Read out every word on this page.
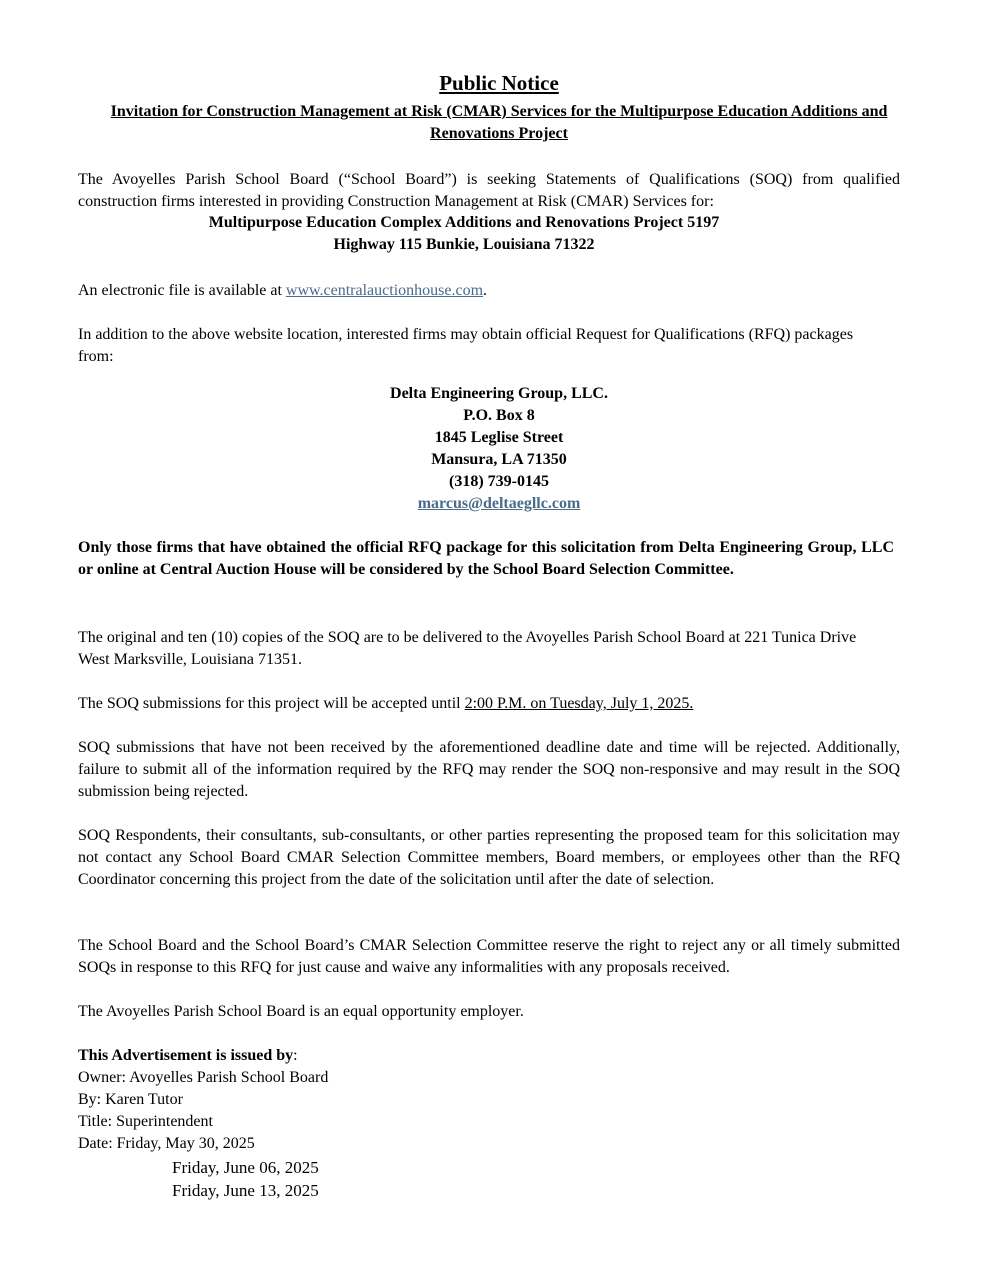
Public Notice
Invitation for Construction Management at Risk (CMAR) Services for the Multipurpose Education Additions and Renovations Project

The Avoyelles Parish School Board (“School Board”) is seeking Statements of Qualifications (SOQ) from qualified construction firms interested in providing Construction Management at Risk (CMAR) Services for:

Multipurpose Education Complex Additions and Renovations Project 5197
Highway 115 Bunkie, Louisiana 71322

An electronic file is available at www.centralauctionhouse.com.

In addition to the above website location, interested firms may obtain official Request for Qualifications (RFQ) packages from:

Delta Engineering Group, LLC.
P.O. Box 8
1845 Leglise Street
Mansura, LA 71350
(318) 739-0145
marcus@deltaegllc.com

Only those firms that have obtained the official RFQ package for this solicitation from Delta Engineering Group, LLC or online at Central Auction House will be considered by the School Board Selection Committee.

The original and ten (10) copies of the SOQ are to be delivered to the Avoyelles Parish School Board at 221 Tunica Drive West Marksville, Louisiana 71351.

The SOQ submissions for this project will be accepted until 2:00 P.M. on Tuesday, July 1, 2025.

SOQ submissions that have not been received by the aforementioned deadline date and time will be rejected. Additionally, failure to submit all of the information required by the RFQ may render the SOQ non‑responsive and may result in the SOQ submission being rejected.

SOQ Respondents, their consultants, sub‑consultants, or other parties representing the proposed team for this solicitation may not contact any School Board CMAR Selection Committee members, Board members, or employees other than the RFQ Coordinator concerning this project from the date of the solicitation until after the date of selection.

The School Board and the School Board’s CMAR Selection Committee reserve the right to reject any or all timely submitted SOQs in response to this RFQ for just cause and waive any informalities with any proposals received.

The Avoyelles Parish School Board is an equal opportunity employer.
This Advertisement is issued by:
Owner: Avoyelles Parish School Board
By: Karen Tutor
Title: Superintendent
Date: Friday, May 30, 2025
Friday, June 06, 2025
Friday, June 13, 2025
